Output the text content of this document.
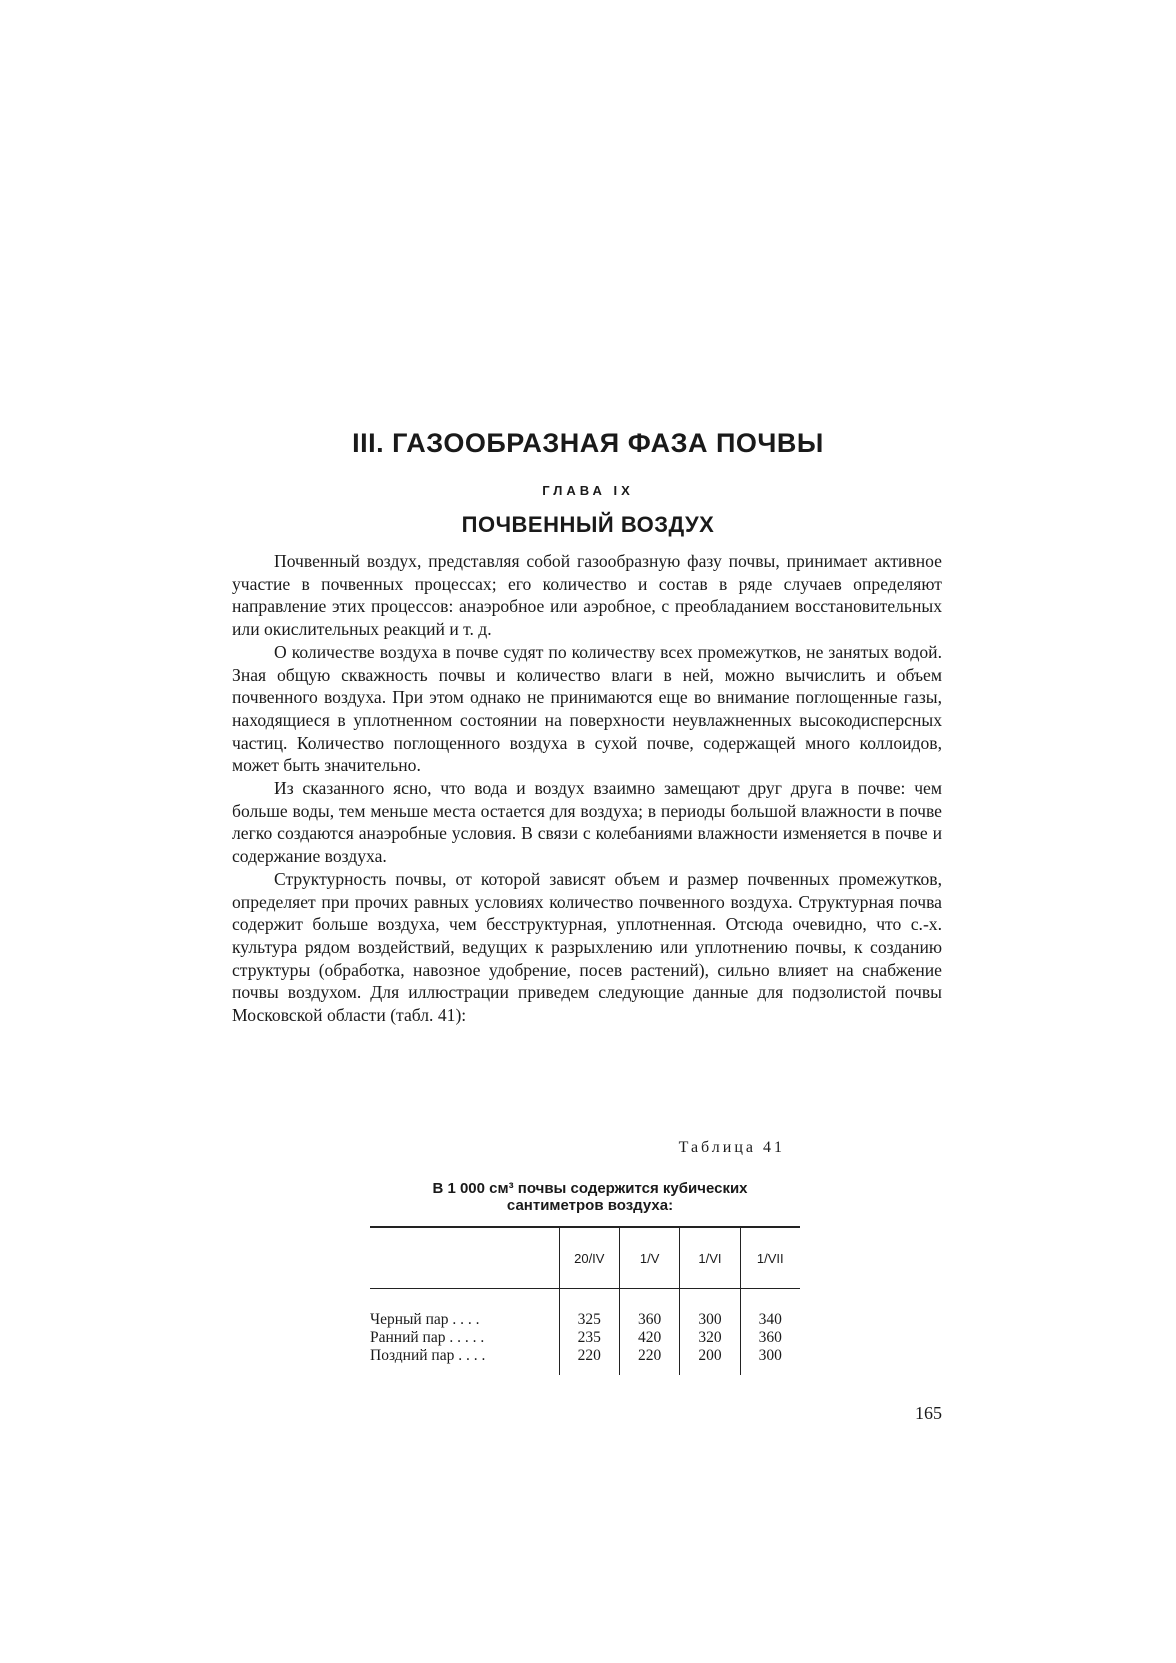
III. ГАЗООБРАЗНАЯ ФАЗА ПОЧВЫ
ГЛАВА IX
ПОЧВЕННЫЙ ВОЗДУХ

Почвенный воздух, представляя собой газообразную фазу почвы, принимает активное участие в почвенных процессах; его количество и состав в ряде случаев определяют направление этих процессов: анаэробное или аэробное, с преобладанием восстановительных или окислительных реакций и т. д.

О количестве воздуха в почве судят по количеству всех промежутков, не занятых водой. Зная общую скважность почвы и количество влаги в ней, можно вычислить и объем почвенного воздуха. При этом однако не принимаются еще во внимание поглощенные газы, находящиеся в уплотненном состоянии на поверхности неувлажненных высокодисперсных частиц. Количество поглощенного воздуха в сухой почве, содержащей много коллоидов, может быть значительно.

Из сказанного ясно, что вода и воздух взаимно замещают друг друга в почве: чем больше воды, тем меньше места остается для воздуха; в периоды большой влажности в почве легко создаются анаэробные условия. В связи с колебаниями влажности изменяется в почве и содержание воздуха.

Структурность почвы, от которой зависят объем и размер почвенных промежутков, определяет при прочих равных условиях количество почвенного воздуха. Структурная почва содержит больше воздуха, чем бесструктурная, уплотненная. Отсюда очевидно, что с.-х. культура рядом воздействий, ведущих к разрыхлению или уплотнению почвы, к созданию структуры (обработка, навозное удобрение, посев растений), сильно влияет на снабжение почвы воздухом. Для иллюстрации приведем следующие данные для подзолистой почвы Московской области (табл. 41):

Таблица 41

В 1 000 см³ почвы содержится кубических
сантиметров воздуха:
	20/IV	1/V	1/VI	1/VII

Черный пар . . . .	325	360	300	340
Ранний пар . . . . .	235	420	320	360
Поздний пар . . . .	220	220	200	300

165
